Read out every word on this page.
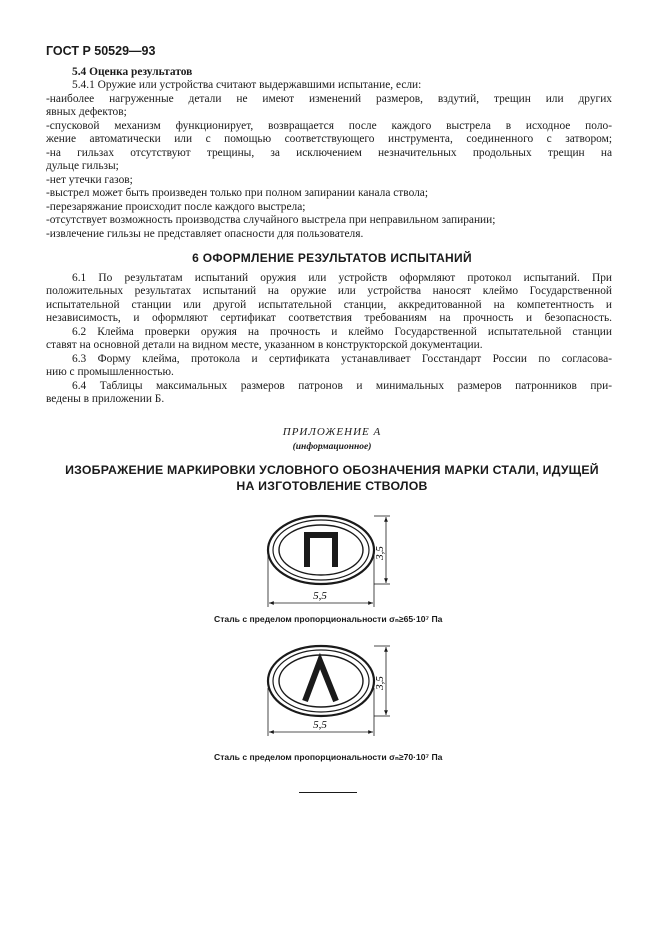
ГОСТ Р 50529—93
5.4 Оценка результатов
5.4.1 Оружие или устройства считают выдержавшими испытание, если:
-наиболее нагруженные детали не имеют изменений размеров, вздутий, трещин или других
явных дефектов;
-спусковой механизм функционирует, возвращается после каждого выстрела в исходное поло-
жение автоматически или с помощью соответствующего инструмента, соединенного с затвором;
-на гильзах отсутствуют трещины, за исключением незначительных продольных трещин на
дульце гильзы;
-нет утечки газов;
-выстрел может быть произведен только при полном запирании канала ствола;
-перезаряжание происходит после каждого выстрела;
-отсутствует возможность производства случайного выстрела при неправильном запирании;
-извлечение гильзы не представляет опасности для пользователя.
6 ОФОРМЛЕНИЕ РЕЗУЛЬТАТОВ ИСПЫТАНИЙ
6.1 По результатам испытаний оружия или устройств оформляют протокол испытаний. При
положительных результатах испытаний на оружие или устройства наносят клеймо Государственной
испытательной станции или другой испытательной станции, аккредитованной на компетентность и
независимость, и оформляют сертификат соответствия требованиям на прочность и безопасность.
6.2 Клейма проверки оружия на прочность и клеймо Государственной испытательной станции
ставят на основной детали на видном месте, указанном в конструкторской документации.
6.3 Форму клейма, протокола и сертификата устанавливает Госстандарт России по согласова-
нию с промышленностью.
6.4 Таблицы максимальных размеров патронов и минимальных размеров патронников при-
ведены в приложении Б.
ПРИЛОЖЕНИЕ А
(информационное)
ИЗОБРАЖЕНИЕ МАРКИРОВКИ УСЛОВНОГО ОБОЗНАЧЕНИЯ МАРКИ СТАЛИ, ИДУЩЕЙ
НА ИЗГОТОВЛЕНИЕ СТВОЛОВ
3,5
5,5
Сталь с пределом пропорциональности σₙ≥65·10⁷ Па
3,5
5,5
Сталь с пределом пропорциональности σₙ≥70·10⁷ Па
